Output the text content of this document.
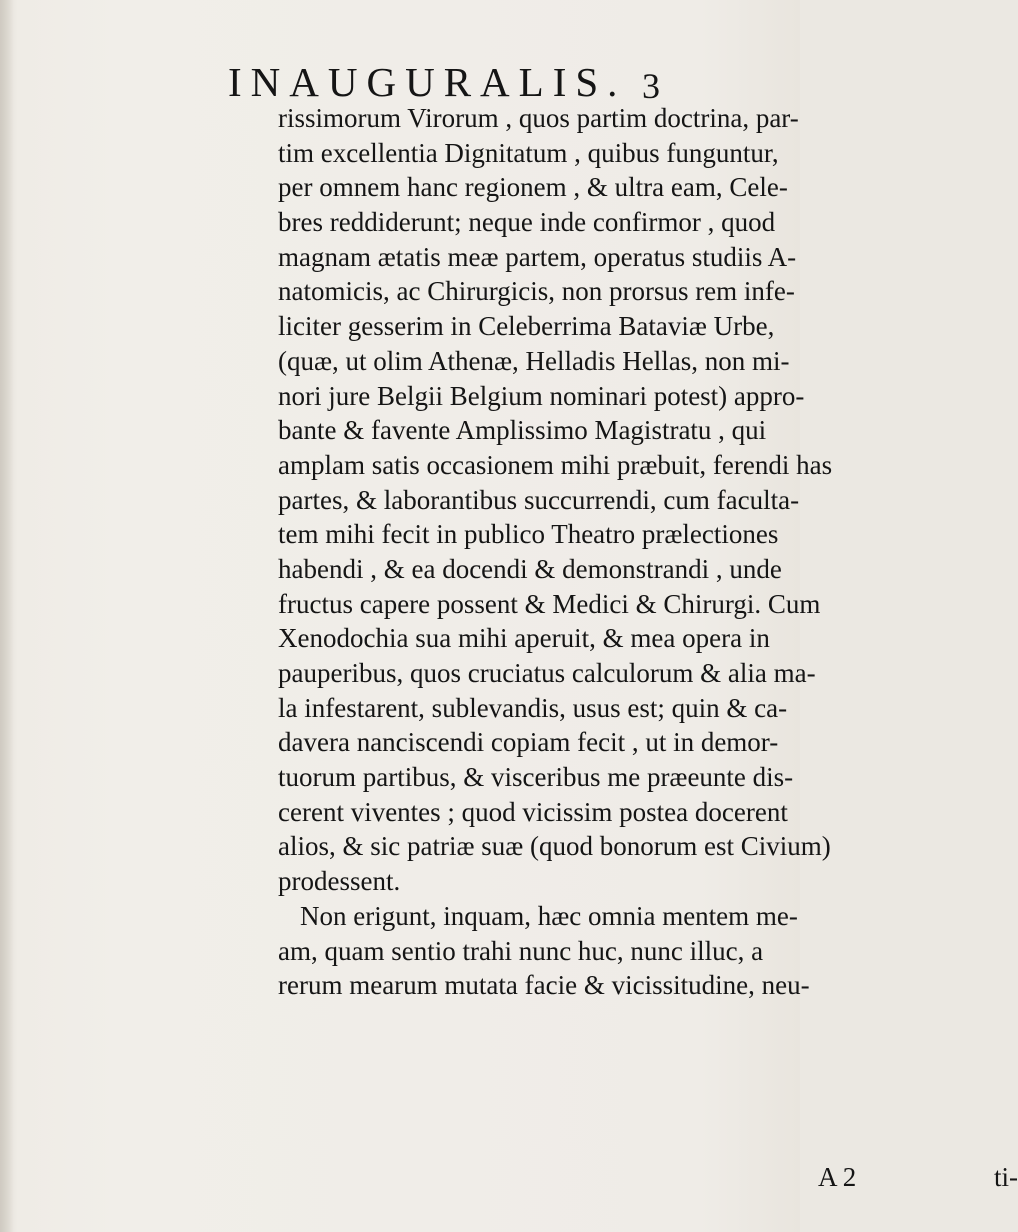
INAUGURALIS. 3
rissimorum Virorum , quos partim doctrina, par-
tim excellentia Dignitatum , quibus funguntur,
per omnem hanc regionem , & ultra eam, Cele-
bres reddiderunt; neque inde confirmor , quod
magnam ætatis meæ partem, operatus studiis A-
natomicis, ac Chirurgicis, non prorsus rem infe-
liciter gesserim in Celeberrima Bataviæ Urbe,
(quæ, ut olim Athenæ, Helladis Hellas, non mi-
nori jure Belgii Belgium nominari potest) appro-
bante & favente Amplissimo Magistratu , qui
amplam satis occasionem mihi præbuit, ferendi has
partes, & laborantibus succurrendi, cum faculta-
tem mihi fecit in publico Theatro prælectiones
habendi , & ea docendi & demonstrandi , unde
fructus capere possent & Medici & Chirurgi. Cum
Xenodochia sua mihi aperuit, & mea opera in
pauperibus, quos cruciatus calculorum & alia ma-
la infestarent, sublevandis, usus est; quin & ca-
davera nanciscendi copiam fecit , ut in demor-
tuorum partibus, & visceribus me præeunte dis-
cerent viventes ; quod vicissim postea docerent
alios, & sic patriæ suæ (quod bonorum est Civium)
prodessent.
Non erigunt, inquam, hæc omnia mentem me-
am, quam sentio trahi nunc huc, nunc illuc, a
rerum mearum mutata facie & vicissitudine, neu-
A 2	ti-
